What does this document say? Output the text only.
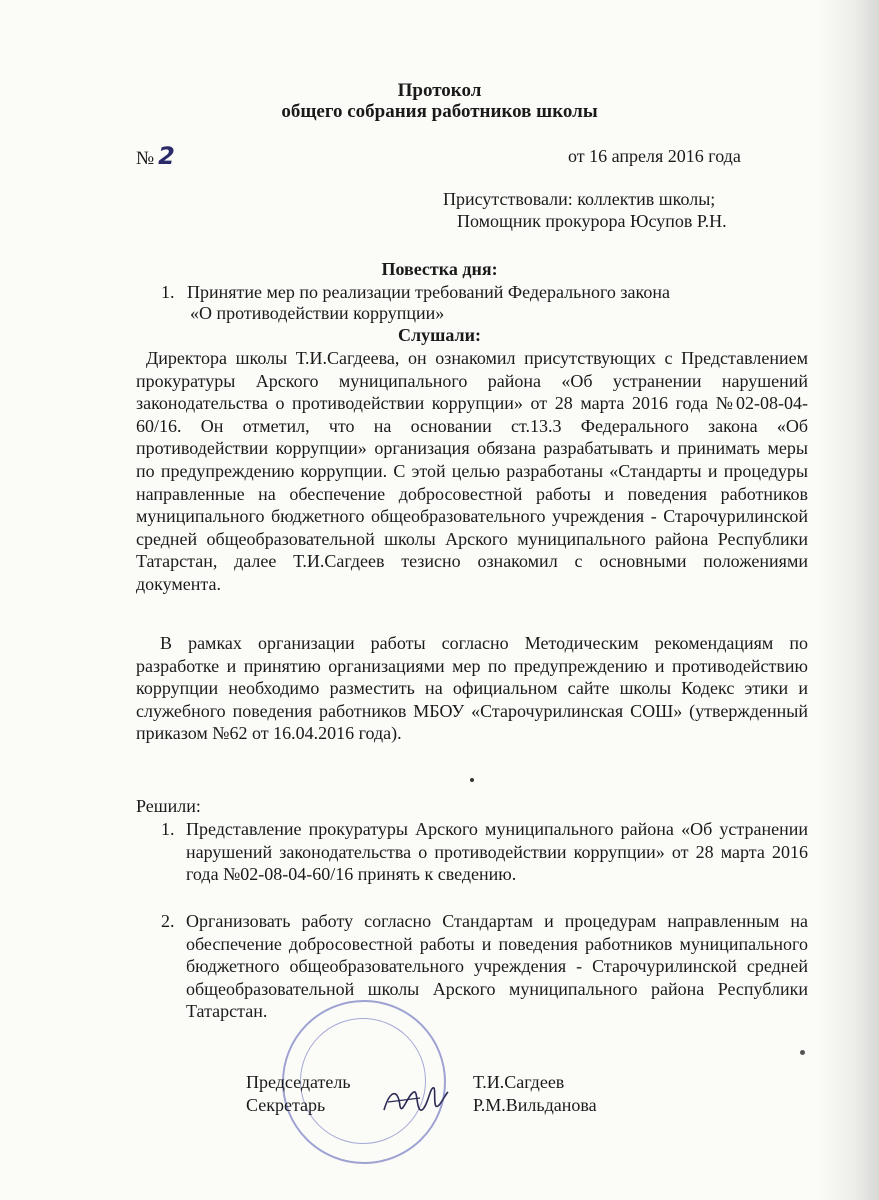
Протокол
общего собрания работников школы
№ 2	от 16 апреля 2016 года
Присутствовали: коллектив школы;
Помощник прокурора Юсупов Р.Н.
Повестка дня:
1. Принятие мер по реализации требований Федерального закона
«О противодействии коррупции»
Слушали:

Директора школы Т.И.Сагдеева, он ознакомил присутствующих с Представлением прокуратуры Арского муниципального района «Об устранении нарушений законодательства о противодействии коррупции» от 28 марта 2016 года №02-08-04-60/16. Он отметил, что на основании ст.13.3 Федерального закона «Об противодействии коррупции» организация обязана разрабатывать и принимать меры по предупреждению коррупции. С этой целью разработаны «Стандарты и процедуры направленные на обеспечение добросовестной работы и поведения работников муниципального бюджетного общеобразовательного учреждения - Старочурилинской средней общеобразовательной школы Арского муниципального района Республики Татарстан, далее Т.И.Сагдеев тезисно ознакомил с основными положениями документа.

В рамках организации работы согласно Методическим рекомендациям по разработке и принятию организациями мер по предупреждению и противодействию коррупции необходимо разместить на официальном сайте школы Кодекс этики и служебного поведения работников МБОУ «Старочурилинская СОШ» (утвержденный приказом №62 от 16.04.2016 года).

Решили:
1. Представление прокуратуры Арского муниципального района «Об устранении нарушений законодательства о противодействии коррупции» от 28 марта 2016 года №02-08-04-60/16 принять к сведению.
2. Организовать работу согласно Стандартам и процедурам направленным на обеспечение добросовестной работы и поведения работников муниципального бюджетного общеобразовательного учреждения - Старочурилинской средней общеобразовательной школы Арского муниципального района Республики Татарстан.
Председатель	Т.И.Сагдеев
Секретарь	Р.М.Вильданова
